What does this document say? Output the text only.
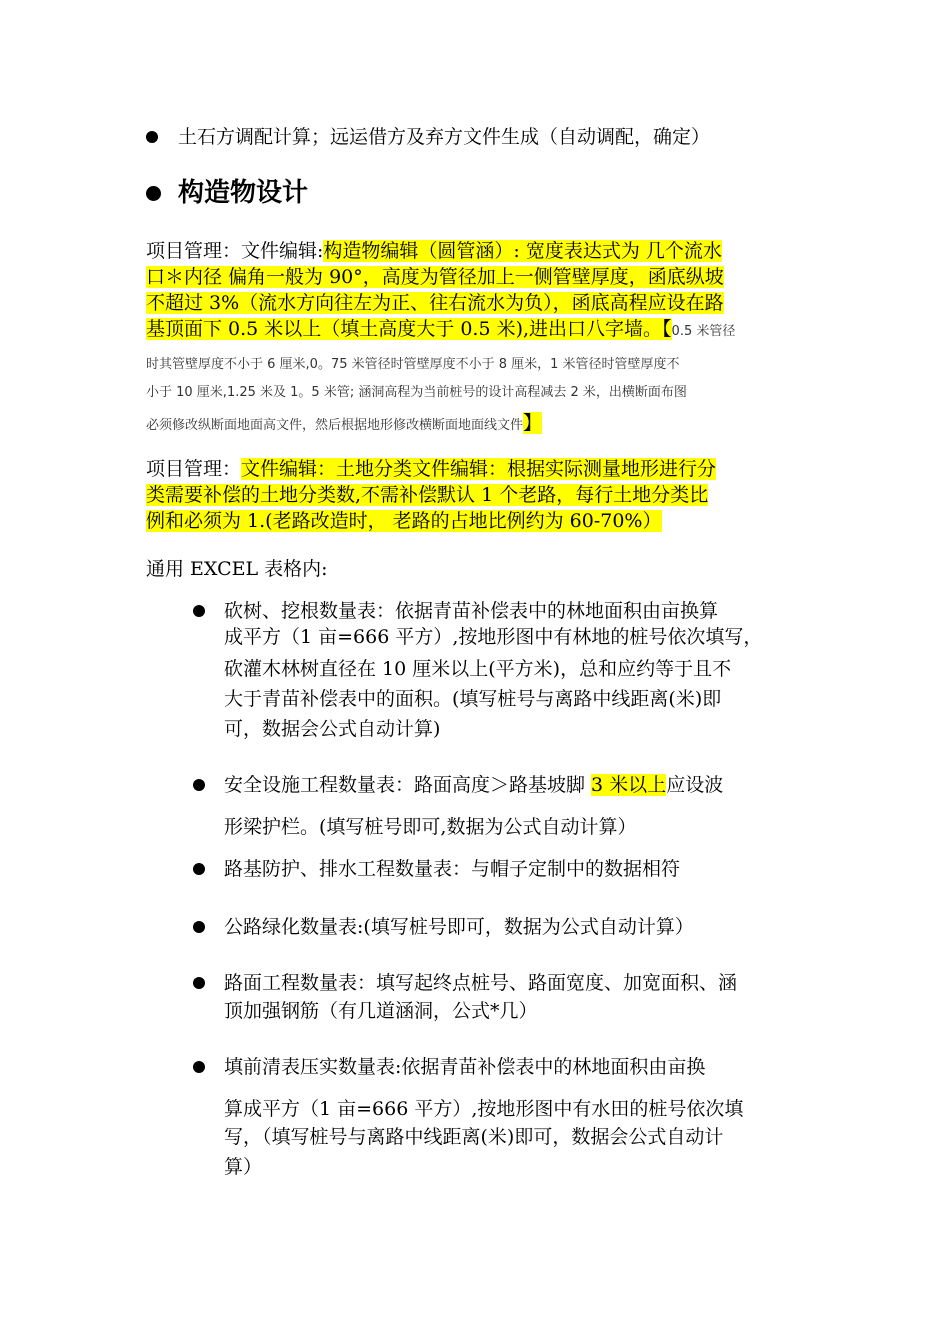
土石方调配计算；远运借方及弃方文件生成（自动调配，确定）
构造物设计
项目管理：文件编辑:构造物编辑（圆管涵）: 宽度表达式为 几个流水
口＊内径 偏角一般为 90°，高度为管径加上一侧管壁厚度，函底纵坡
不超过 3%（流水方向往左为正、往右流水为负），函底高程应设在路
基顶面下 0.5 米以上（填土高度大于 0.5 米),进出口八字墙。【0.5 米管径
时其管壁厚度不小于 6 厘米,0。75 米管径时管壁厚度不小于 8 厘米，1 米管径时管壁厚度不
小于 10 厘米,1.25 米及 1。5 米管; 涵洞高程为当前桩号的设计高程减去 2 米，出横断面布图
必须修改纵断面地面高文件，然后根据地形修改横断面地面线文件】
项目管理：文件编辑：土地分类文件编辑：根据实际测量地形进行分
类需要补偿的土地分类数,不需补偿默认 1 个老路，每行土地分类比
例和必须为 1.(老路改造时， 老路的占地比例约为 60-70%）
通用 EXCEL 表格内:
砍树、挖根数量表：依据青苗补偿表中的林地面积由亩换算
成平方（1 亩=666 平方）,按地形图中有林地的桩号依次填写，
砍灌木林树直径在 10 厘米以上(平方米)，总和应约等于且不
大于青苗补偿表中的面积。(填写桩号与离路中线距离(米)即
可，数据会公式自动计算)
安全设施工程数量表：路面高度＞路基坡脚 3 米以上应设波
形梁护栏。(填写桩号即可,数据为公式自动计算）
路基防护、排水工程数量表：与帽子定制中的数据相符
公路绿化数量表:(填写桩号即可，数据为公式自动计算）
路面工程数量表：填写起终点桩号、路面宽度、加宽面积、涵
顶加强钢筋（有几道涵洞，公式*几）
填前清表压实数量表:依据青苗补偿表中的林地面积由亩换
算成平方（1 亩=666 平方）,按地形图中有水田的桩号依次填
写，（填写桩号与离路中线距离(米)即可，数据会公式自动计
算）
